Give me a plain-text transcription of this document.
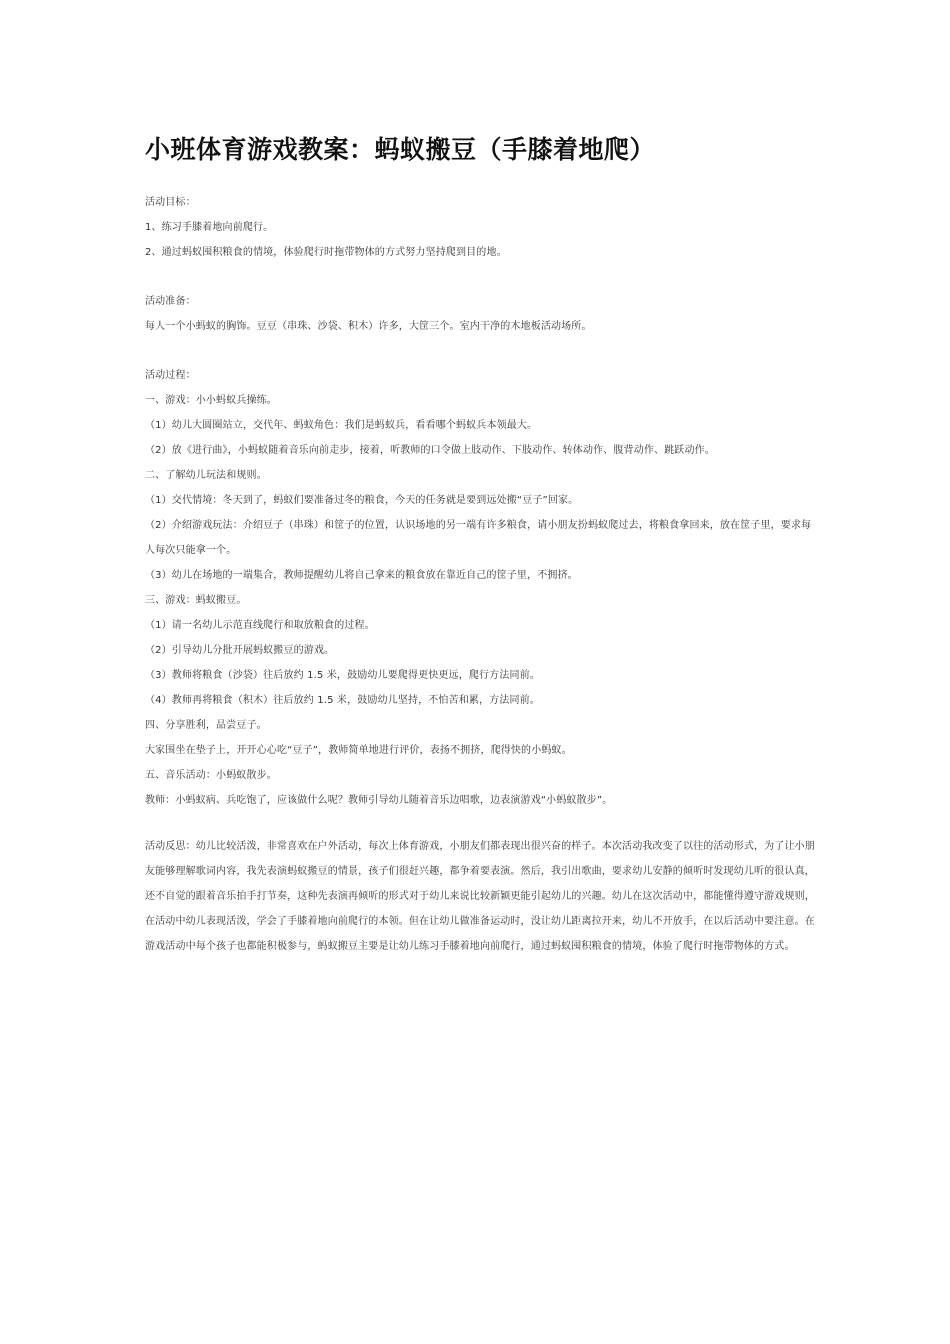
小班体育游戏教案：蚂蚁搬豆（手膝着地爬）

活动目标：

1、练习手膝着地向前爬行。

2、通过蚂蚁囤积粮食的情境，体验爬行时拖带物体的方式努力坚持爬到目的地。

活动准备：

每人一个小蚂蚁的胸饰。豆豆（串珠、沙袋、积木）许多，大筐三个。室内干净的木地板活动场所。

活动过程：

一、游戏：小小蚂蚁兵操练。

（1）幼儿大圆圈站立，交代年、蚂蚁角色：我们是蚂蚁兵，看看哪个蚂蚁兵本领最大。

（2）放《进行曲》，小蚂蚁随着音乐向前走步，接着，听教师的口令做上肢动作、下肢动作、转体动作、腹背动作、跳跃动作。

二、了解幼儿玩法和规则。

（1）交代情境：冬天到了，蚂蚁们要准备过冬的粮食，今天的任务就是要到远处搬“豆子”回家。

（2）介绍游戏玩法：介绍豆子（串珠）和筐子的位置，认识场地的另一端有许多粮食，请小朋友扮蚂蚁爬过去，将粮食拿回来，放在筐子里，要求每人每次只能拿一个。

（3）幼儿在场地的一端集合，教师提醒幼儿将自己拿来的粮食放在靠近自己的筐子里，不拥挤。

三、游戏：蚂蚁搬豆。

（1）请一名幼儿示范直线爬行和取放粮食的过程。

（2）引导幼儿分批开展蚂蚁搬豆的游戏。

（3）教师将粮食（沙袋）往后放约 1.5 米，鼓励幼儿要爬得更快更远，爬行方法同前。

（4）教师再将粮食（积木）往后放约 1.5 米，鼓励幼儿坚持，不怕苦和累，方法同前。

四、分享胜利，品尝豆子。

大家围坐在垫子上，开开心心吃“豆子”，教师简单地进行评价，表扬不拥挤，爬得快的小蚂蚁。

五、音乐活动：小蚂蚁散步。

教师：小蚂蚁病、兵吃饱了，应该做什么呢？教师引导幼儿随着音乐边唱歌，边表演游戏“小蚂蚁散步”。

活动反思：幼儿比较活泼，非常喜欢在户外活动，每次上体育游戏，小朋友们都表现出很兴奋的样子。本次活动我改变了以往的活动形式，为了让小朋友能够理解歌词内容，我先表演蚂蚁搬豆的情景，孩子们很赶兴趣，都争着要表演。然后，我引出歌曲，要求幼儿安静的倾听时发现幼儿听的很认真，还不自觉的跟着音乐拍手打节奏，这种先表演再倾听的形式对于幼儿来说比较新颖更能引起幼儿的兴趣。幼儿在这次活动中，都能懂得遵守游戏规则，在活动中幼儿表现活泼，学会了手膝着地向前爬行的本领。但在让幼儿做准备运动时，没让幼儿距离拉开来，幼儿不开放手，在以后活动中要注意。在游戏活动中每个孩子也都能积极参与，蚂蚁搬豆主要是让幼儿练习手膝着地向前爬行，通过蚂蚁囤积粮食的情境，体验了爬行时拖带物体的方式。
